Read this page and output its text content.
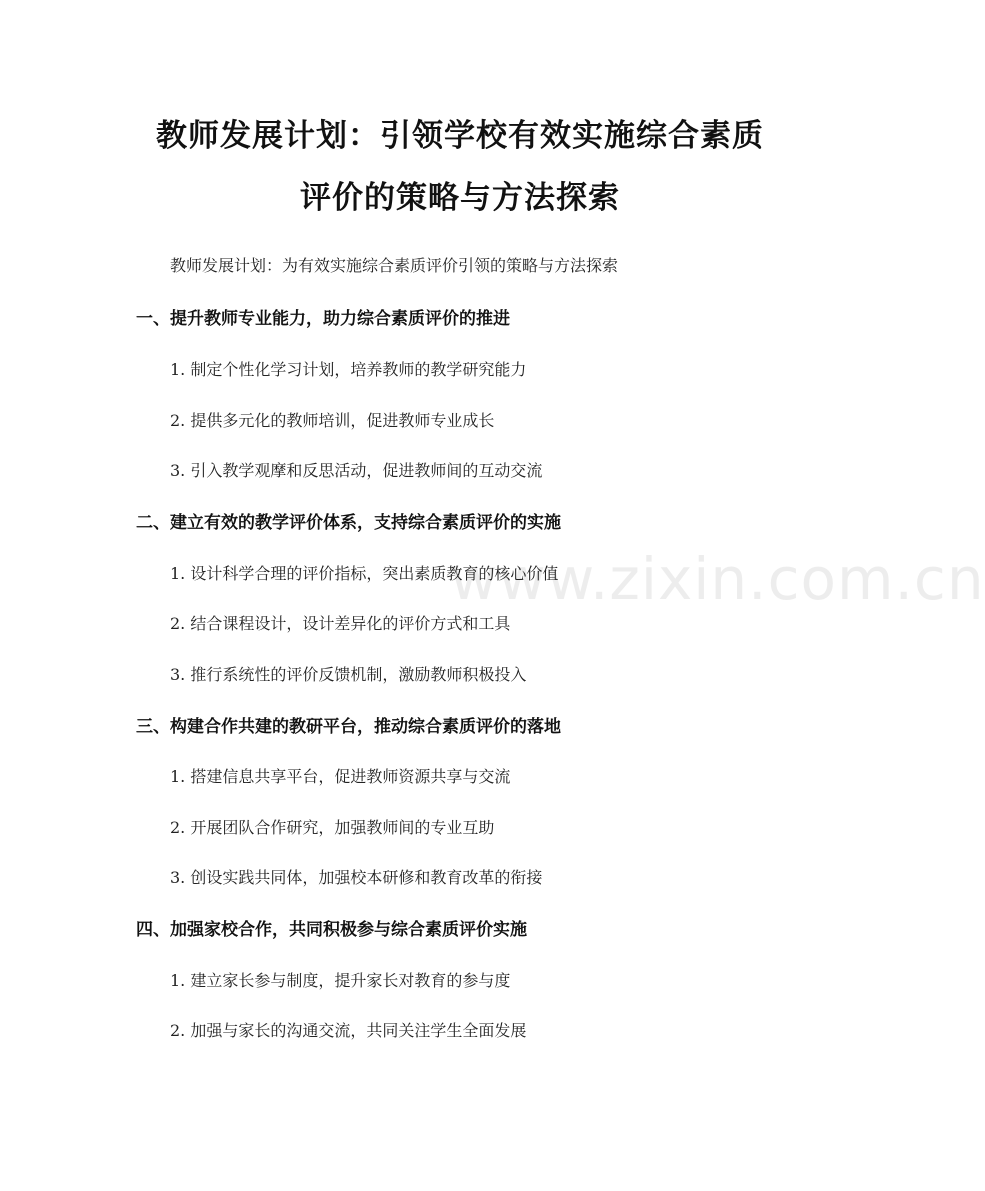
www.zixin.com.cn
教师发展计划：引领学校有效实施综合素质
评价的策略与方法探索

教师发展计划：为有效实施综合素质评价引领的策略与方法探索

一、提升教师专业能力，助力综合素质评价的推进

1. 制定个性化学习计划，培养教师的教学研究能力

2. 提供多元化的教师培训，促进教师专业成长

3. 引入教学观摩和反思活动，促进教师间的互动交流

二、建立有效的教学评价体系，支持综合素质评价的实施

1. 设计科学合理的评价指标，突出素质教育的核心价值

2. 结合课程设计，设计差异化的评价方式和工具

3. 推行系统性的评价反馈机制，激励教师积极投入

三、构建合作共建的教研平台，推动综合素质评价的落地

1. 搭建信息共享平台，促进教师资源共享与交流

2. 开展团队合作研究，加强教师间的专业互助

3. 创设实践共同体，加强校本研修和教育改革的衔接

四、加强家校合作，共同积极参与综合素质评价实施

1. 建立家长参与制度，提升家长对教育的参与度

2. 加强与家长的沟通交流，共同关注学生全面发展
